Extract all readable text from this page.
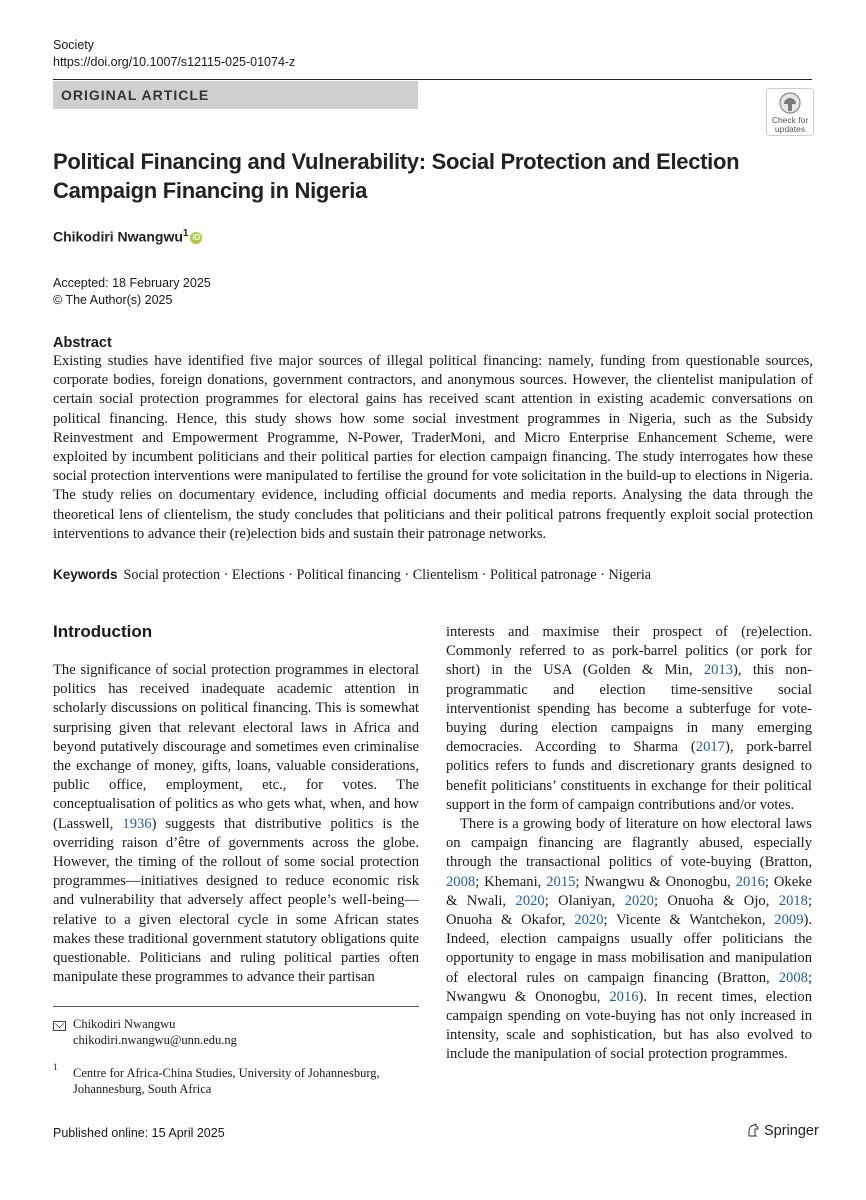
Society
https://doi.org/10.1007/s12115-025-01074-z
ORIGINAL ARTICLE
Check for
updates
Political Financing and Vulnerability: Social Protection and Election Campaign Financing in Nigeria
Chikodiri Nwangwu$^1$ iD
Accepted: 18 February 2025
© The Author(s) 2025
Abstract

Existing studies have identified five major sources of illegal political financing: namely, funding from questionable sources, corporate bodies, foreign donations, government contractors, and anonymous sources. However, the clientelist manipulation of certain social protection programmes for electoral gains has received scant attention in existing academic conversations on political financing. Hence, this study shows how some social investment programmes in Nigeria, such as the Subsidy Reinvestment and Empowerment Programme, N-Power, TraderMoni, and Micro Enterprise Enhancement Scheme, were exploited by incumbent politicians and their political parties for election campaign financing. The study interrogates how these social protection interventions were manipulated to fertilise the ground for vote solicitation in the build-up to elections in Nigeria. The study relies on documentary evidence, including official documents and media reports. Analysing the data through the theoretical lens of clientelism, the study concludes that politicians and their political patrons frequently exploit social protection interventions to advance their (re)election bids and sustain their patronage networks.

Keywords Social protection · Elections · Political financing · Clientelism · Political patronage · Nigeria
Introduction

The significance of social protection programmes in electoral politics has received inadequate academic attention in scholarly discussions on political financing. This is somewhat surprising given that relevant electoral laws in Africa and beyond putatively discourage and sometimes even criminalise the exchange of money, gifts, loans, valuable considerations, public office, employment, etc., for votes. The conceptualisation of politics as who gets what, when, and how (Lasswell, 1936) suggests that distributive politics is the overriding raison d’être of governments across the globe. However, the timing of the rollout of some social protection programmes—initiatives designed to reduce economic risk and vulnerability that adversely affect people’s well-being—relative to a given electoral cycle in some African states makes these traditional government statutory obligations quite questionable. Politicians and ruling political parties often manipulate these programmes to advance their partisan

interests and maximise their prospect of (re)election. Commonly referred to as pork-barrel politics (or pork for short) in the USA (Golden & Min, 2013), this non-programmatic and election time-sensitive social interventionist spending has become a subterfuge for vote-buying during election campaigns in many emerging democracies. According to Sharma (2017), pork-barrel politics refers to funds and discretionary grants designed to benefit politicians’ constituents in exchange for their political support in the form of campaign contributions and/or votes.

There is a growing body of literature on how electoral laws on campaign financing are flagrantly abused, especially through the transactional politics of vote-buying (Bratton, 2008; Khemani, 2015; Nwangwu & Ononogbu, 2016; Okeke & Nwali, 2020; Olaniyan, 2020; Onuoha & Ojo, 2018; Onuoha & Okafor, 2020; Vicente & Wantchekon, 2009). Indeed, election campaigns usually offer politicians the opportunity to engage in mass mobilisation and manipulation of electoral rules on campaign financing (Bratton, 2008; Nwangwu & Ononogbu, 2016). In recent times, election campaign spending on vote-buying has not only increased in intensity, scale and sophistication, but has also evolved to include the manipulation of social protection programmes.

Chikodiri Nwangwu
chikodiri.nwangwu@unn.edu.ng
1 Centre for Africa-China Studies, University of Johannesburg, Johannesburg, South Africa
Published online: 15 April 2025	Springer
